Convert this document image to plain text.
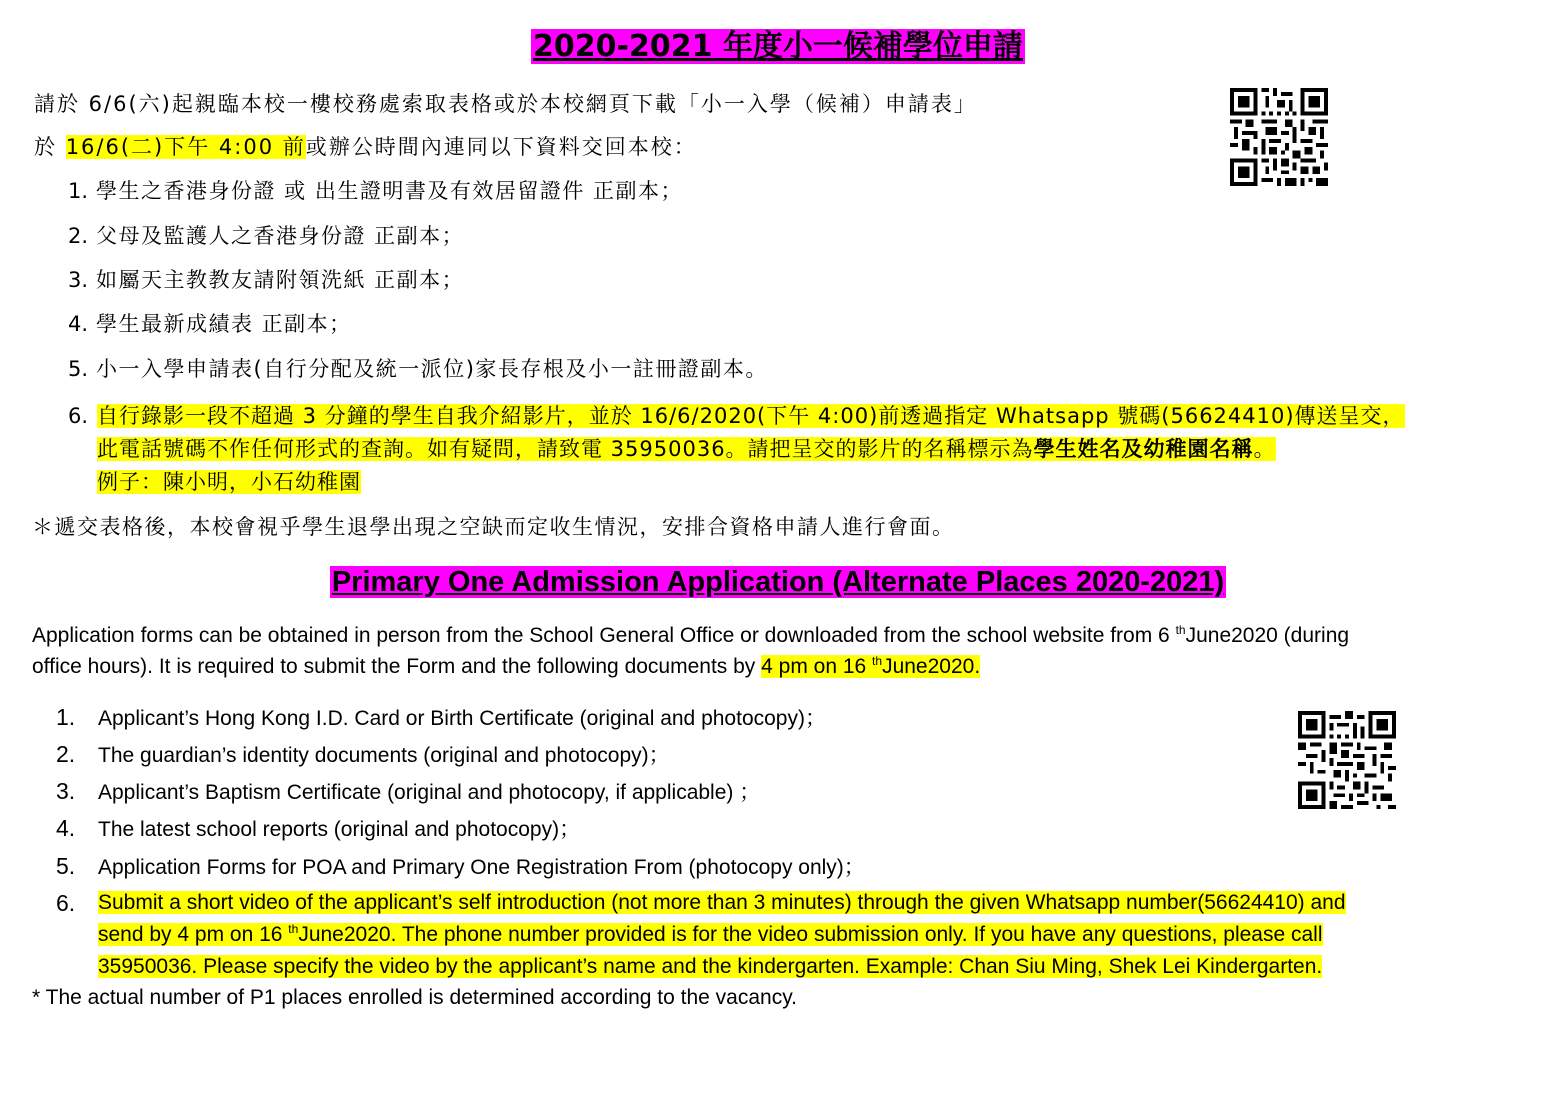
2020-2021 年度小一候補學位申請
請於 6/6(六)起親臨本校一樓校務處索取表格或於本校網頁下載「小一入學（候補）申請表」
於 16/6(二)下午 4:00 前或辦公時間內連同以下資料交回本校：
1. 學生之香港身份證 或 出生證明書及有效居留證件 正副本；
2. 父母及監護人之香港身份證 正副本；
3. 如屬天主教教友請附領洗紙 正副本；
4. 學生最新成績表 正副本；
5. 小一入學申請表(自行分配及統一派位)家長存根及小一註冊證副本。
6. 自行錄影一段不超過 3 分鐘的學生自我介紹影片，並於 16/6/2020(下午 4:00)前透過指定 Whatsapp 號碼(56624410)傳送呈交，
此電話號碼不作任何形式的查詢。如有疑問，請致電 35950036。請把呈交的影片的名稱標示為學生姓名及幼稚園名稱。
例子：陳小明，小石幼稚園
＊遞交表格後，本校會視乎學生退學出現之空缺而定收生情況，安排合資格申請人進行會面。
Primary One Admission Application (Alternate Places 2020-2021)
Application forms can be obtained in person from the School General Office or downloaded from the school website from 6 $^{th}$June2020 (during
office hours). It is required to submit the Form and the following documents by 4 pm on 16 $^{th}$June2020.
1. Applicant’s Hong Kong I.D. Card or Birth Certificate (original and photocopy)；
2. The guardian’s identity documents (original and photocopy)；
3. Applicant’s Baptism Certificate (original and photocopy, if applicable) ；
4. The latest school reports (original and photocopy)；
5. Application Forms for POA and Primary One Registration From (photocopy only)；
6.	Submit a short video of the applicant’s self introduction (not more than 3 minutes) through the given Whatsapp number(56624410) and
send by 4 pm on 16 $^{th}$June2020. The phone number provided is for the video submission only. If you have any questions, please call
35950036. Please specify the video by the applicant’s name and the kindergarten. Example: Chan Siu Ming, Shek Lei Kindergarten.
* The actual number of P1 places enrolled is determined according to the vacancy.
